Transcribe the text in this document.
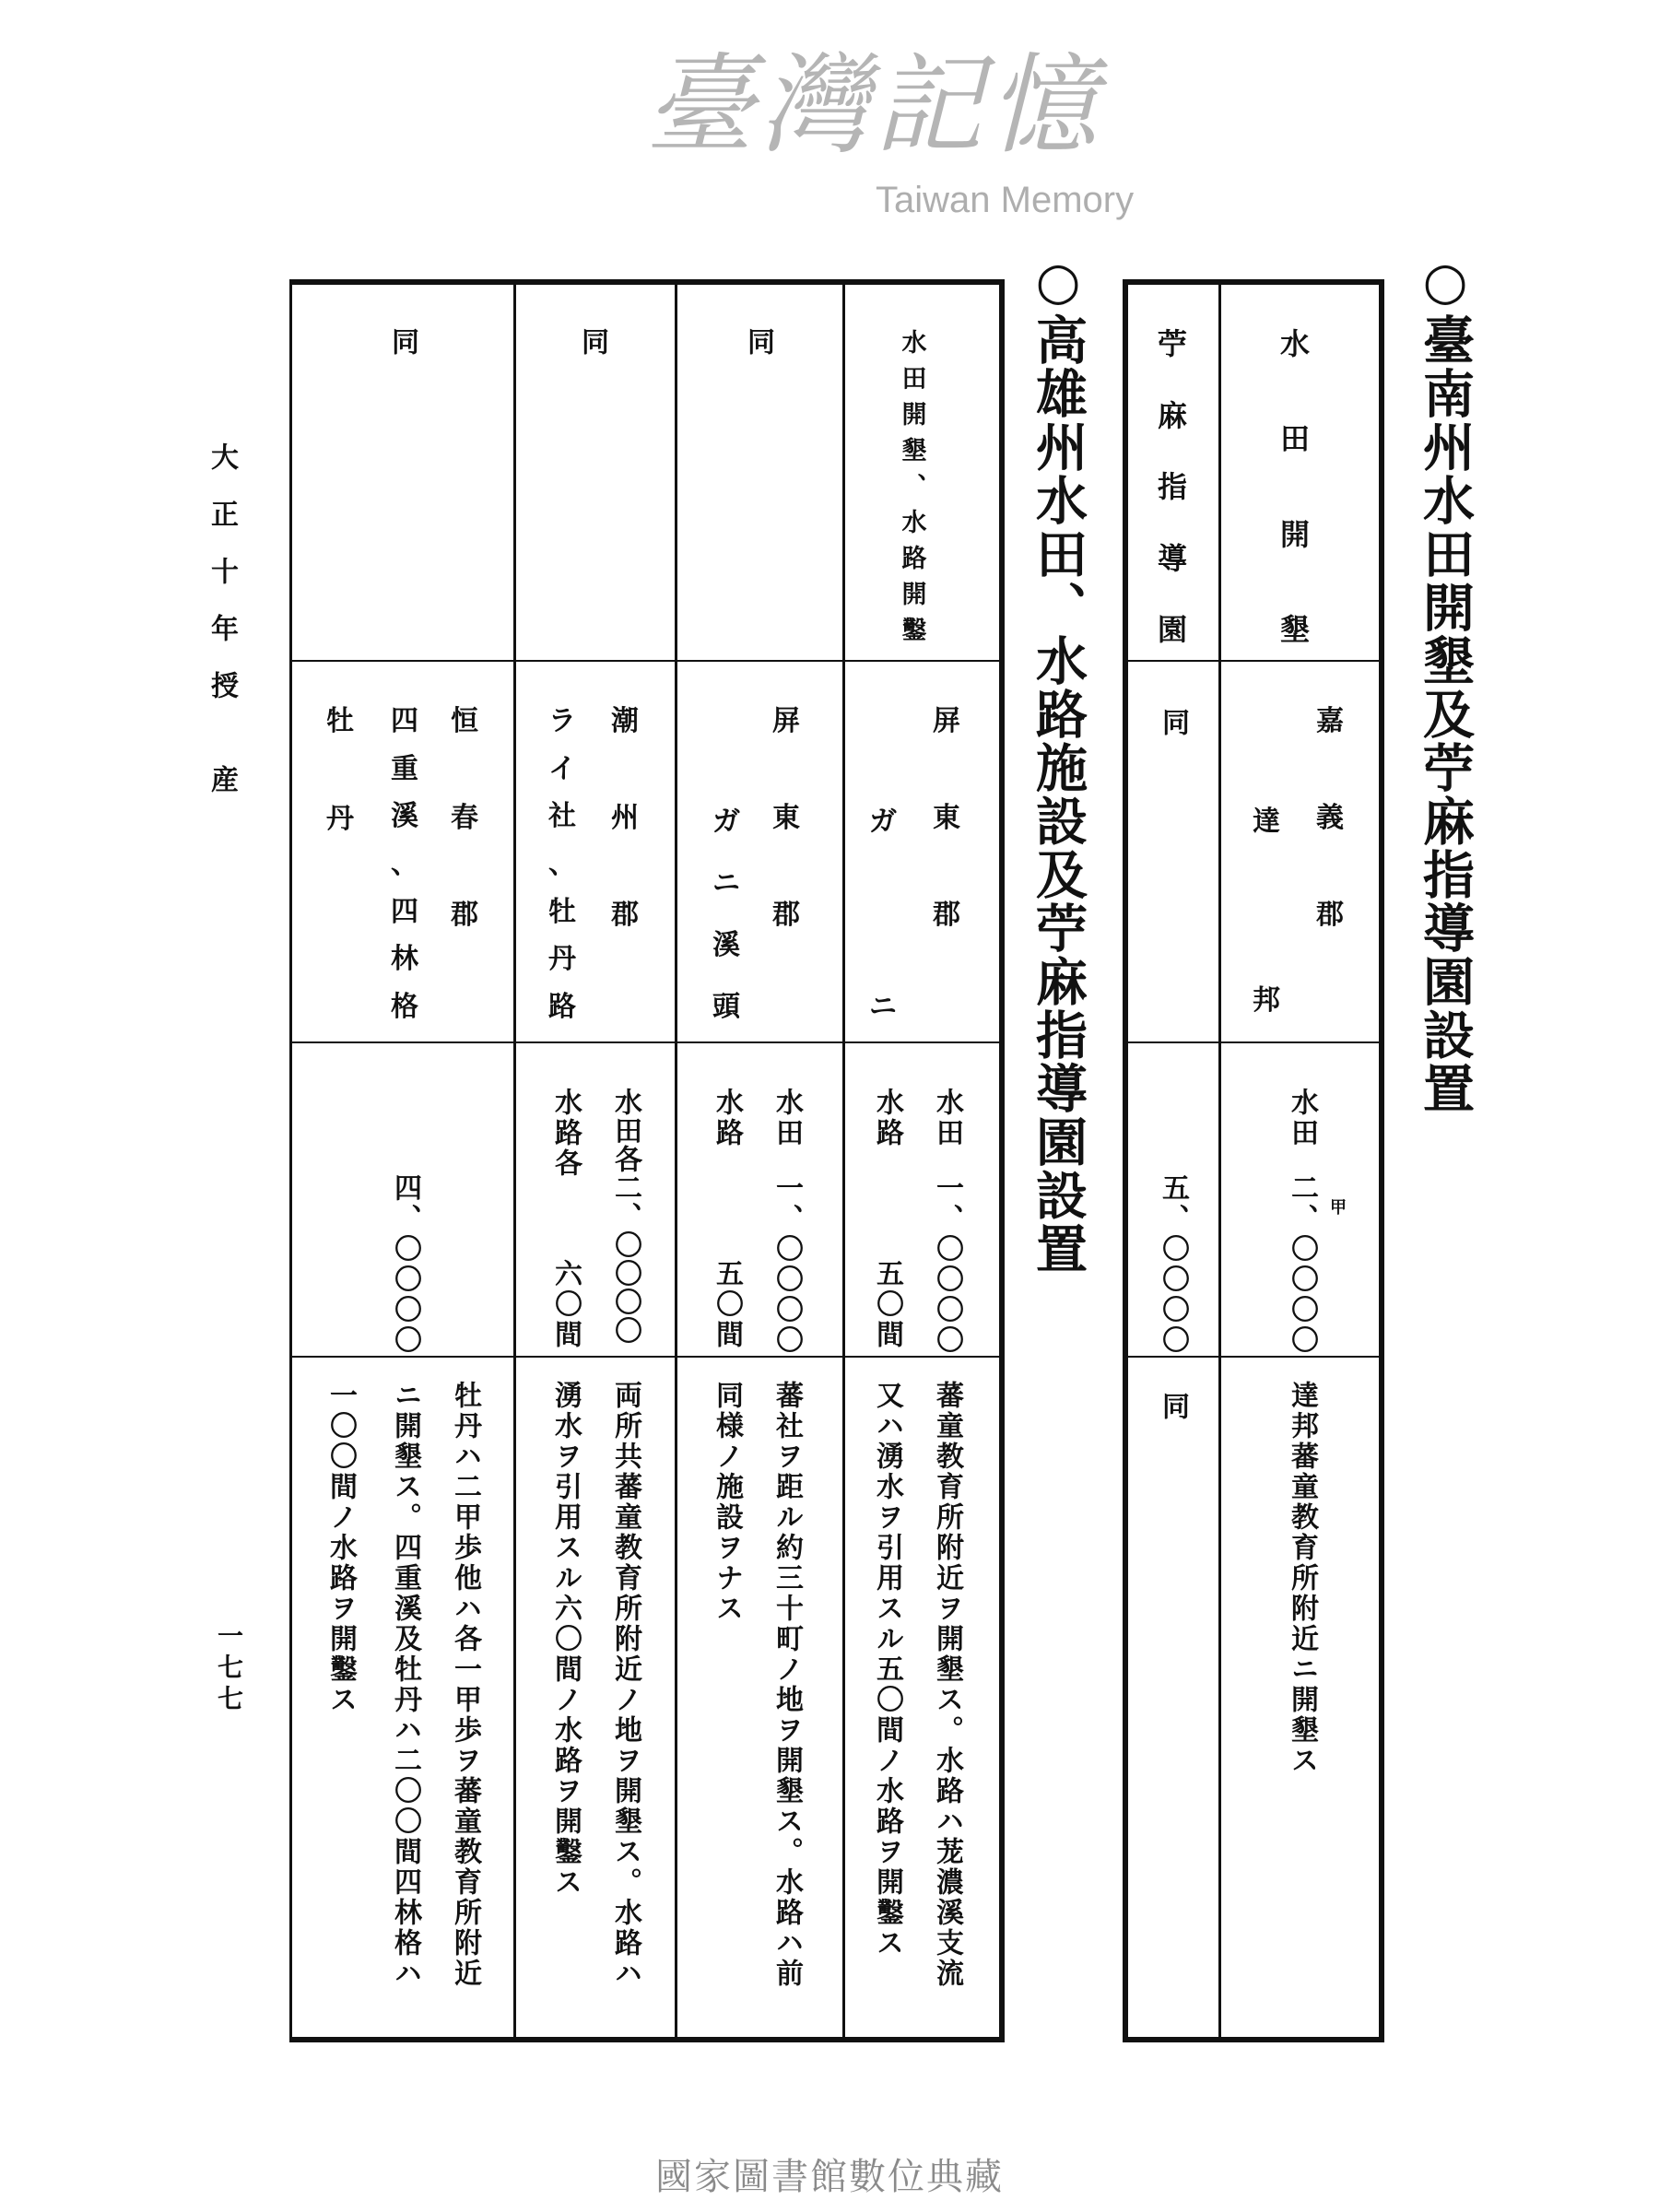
大正十年授
産
一七七
○臺南州水田開墾及苧麻指導園設置
○高雄州水田、水路施設及苧麻指導園設置	水
田
開
墾
嘉
義
郡
達
邦
水田
二、〇〇〇〇 甲
達邦蕃童教育所附近ニ開墾ス
苧
麻
指
導
園
同
五、〇〇〇〇
同
水田開墾、水路開鑿
屏
東
郡
ガ
ニ
水田
一、〇〇〇〇
水路
五〇間
蕃童教育所附近ヲ開墾ス。水路ハ茏濃溪支流
又ハ湧水ヲ引用スル五〇間ノ水路ヲ開鑿ス
同
屏
東
郡
ガ
ニ
溪
頭
水田
一、〇〇〇〇
水路
五〇間
蕃社ヲ距ル約三十町ノ地ヲ開墾ス。水路ハ前
同様ノ施設ヲナス
同
潮
州
郡
ラ
イ
社
、
牡
丹
路
水田各二、〇〇〇〇
水路各
六〇間
両所共蕃童教育所附近ノ地ヲ開墾ス。水路ハ
湧水ヲ引用スル六〇間ノ水路ヲ開鑿ス
同
恒
春
郡
四
重
溪
、
四
林
格
牡
丹
四、〇〇〇〇
牡丹ハ二甲歩他ハ各一甲歩ヲ蕃童教育所附近
ニ開墾ス。四重溪及牡丹ハ二〇〇間四林格ハ
一〇〇間ノ水路ヲ開鑿ス
臺灣記憶
Taiwan Memory
國家圖書館數位典藏
